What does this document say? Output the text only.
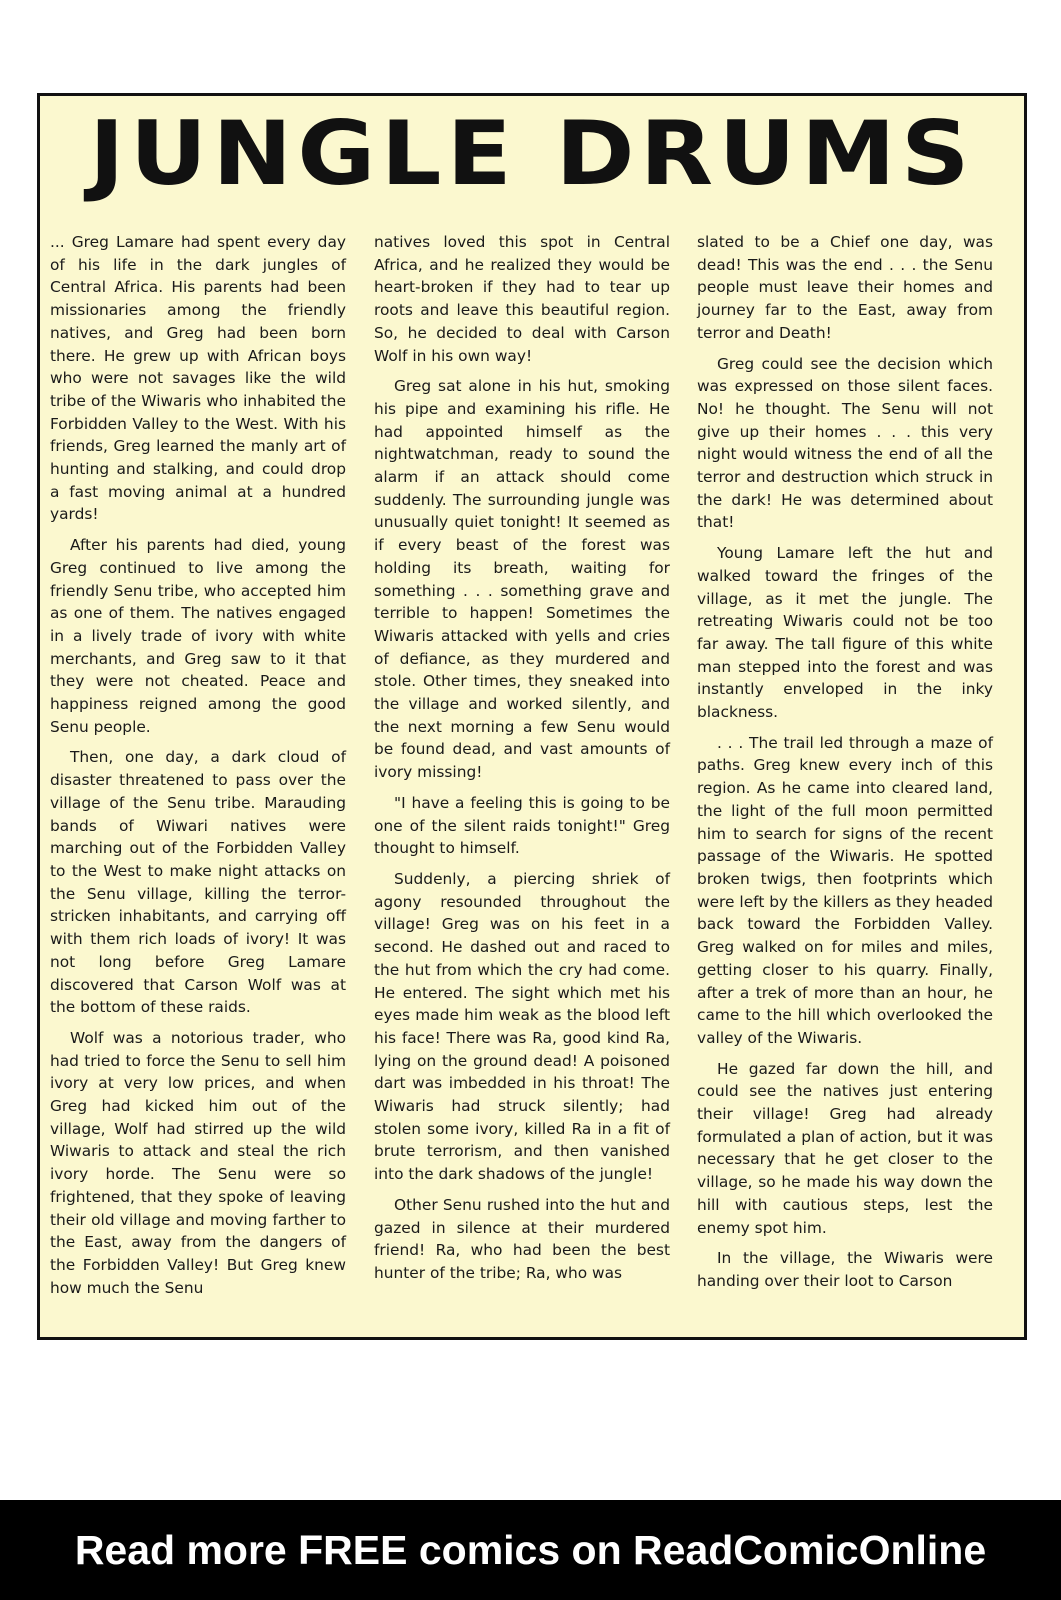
JUNGLE DRUMS

... Greg Lamare had spent every day of his life in the dark jungles of Central Africa. His parents had been missionaries among the friendly natives, and Greg had been born there. He grew up with African boys who were not savages like the wild tribe of the Wiwaris who inhabited the Forbidden Valley to the West. With his friends, Greg learned the manly art of hunting and stalking, and could drop a fast moving animal at a hundred yards!

After his parents had died, young Greg continued to live among the friendly Senu tribe, who accepted him as one of them. The natives engaged in a lively trade of ivory with white merchants, and Greg saw to it that they were not cheated. Peace and happiness reigned among the good Senu people.

Then, one day, a dark cloud of disaster threatened to pass over the village of the Senu tribe. Marauding bands of Wiwari natives were marching out of the Forbidden Valley to the West to make night attacks on the Senu village, killing the terror-stricken inhabitants, and carrying off with them rich loads of ivory! It was not long before Greg Lamare discovered that Carson Wolf was at the bottom of these raids.

Wolf was a notorious trader, who had tried to force the Senu to sell him ivory at very low prices, and when Greg had kicked him out of the village, Wolf had stirred up the wild Wiwaris to attack and steal the rich ivory horde. The Senu were so frightened, that they spoke of leaving their old village and moving farther to the East, away from the dangers of the Forbidden Valley! But Greg knew how much the Senu

natives loved this spot in Central Africa, and he realized they would be heart-broken if they had to tear up roots and leave this beautiful region. So, he decided to deal with Carson Wolf in his own way!

Greg sat alone in his hut, smoking his pipe and examining his rifle. He had appointed himself as the nightwatchman, ready to sound the alarm if an attack should come suddenly. The surrounding jungle was unusually quiet tonight! It seemed as if every beast of the forest was holding its breath, waiting for something . . . something grave and terrible to happen! Sometimes the Wiwaris attacked with yells and cries of defiance, as they murdered and stole. Other times, they sneaked into the village and worked silently, and the next morning a few Senu would be found dead, and vast amounts of ivory missing!

"I have a feeling this is going to be one of the silent raids tonight!" Greg thought to himself.

Suddenly, a piercing shriek of agony resounded throughout the village! Greg was on his feet in a second. He dashed out and raced to the hut from which the cry had come. He entered. The sight which met his eyes made him weak as the blood left his face! There was Ra, good kind Ra, lying on the ground dead! A poisoned dart was imbedded in his throat! The Wiwaris had struck silently; had stolen some ivory, killed Ra in a fit of brute terrorism, and then vanished into the dark shadows of the jungle!

Other Senu rushed into the hut and gazed in silence at their murdered friend! Ra, who had been the best hunter of the tribe; Ra, who was

slated to be a Chief one day, was dead! This was the end . . . the Senu people must leave their homes and journey far to the East, away from terror and Death!

Greg could see the decision which was expressed on those silent faces. No! he thought. The Senu will not give up their homes . . . this very night would witness the end of all the terror and destruction which struck in the dark! He was determined about that!

Young Lamare left the hut and walked toward the fringes of the village, as it met the jungle. The retreating Wiwaris could not be too far away. The tall figure of this white man stepped into the forest and was instantly enveloped in the inky blackness.

. . . The trail led through a maze of paths. Greg knew every inch of this region. As he came into cleared land, the light of the full moon permitted him to search for signs of the recent passage of the Wiwaris. He spotted broken twigs, then footprints which were left by the killers as they headed back toward the Forbidden Valley. Greg walked on for miles and miles, getting closer to his quarry. Finally, after a trek of more than an hour, he came to the hill which overlooked the valley of the Wiwaris.

He gazed far down the hill, and could see the natives just entering their village! Greg had already formulated a plan of action, but it was necessary that he get closer to the village, so he made his way down the hill with cautious steps, lest the enemy spot him.

In the village, the Wiwaris were handing over their loot to Carson

Read more FREE comics on ReadComicOnline
